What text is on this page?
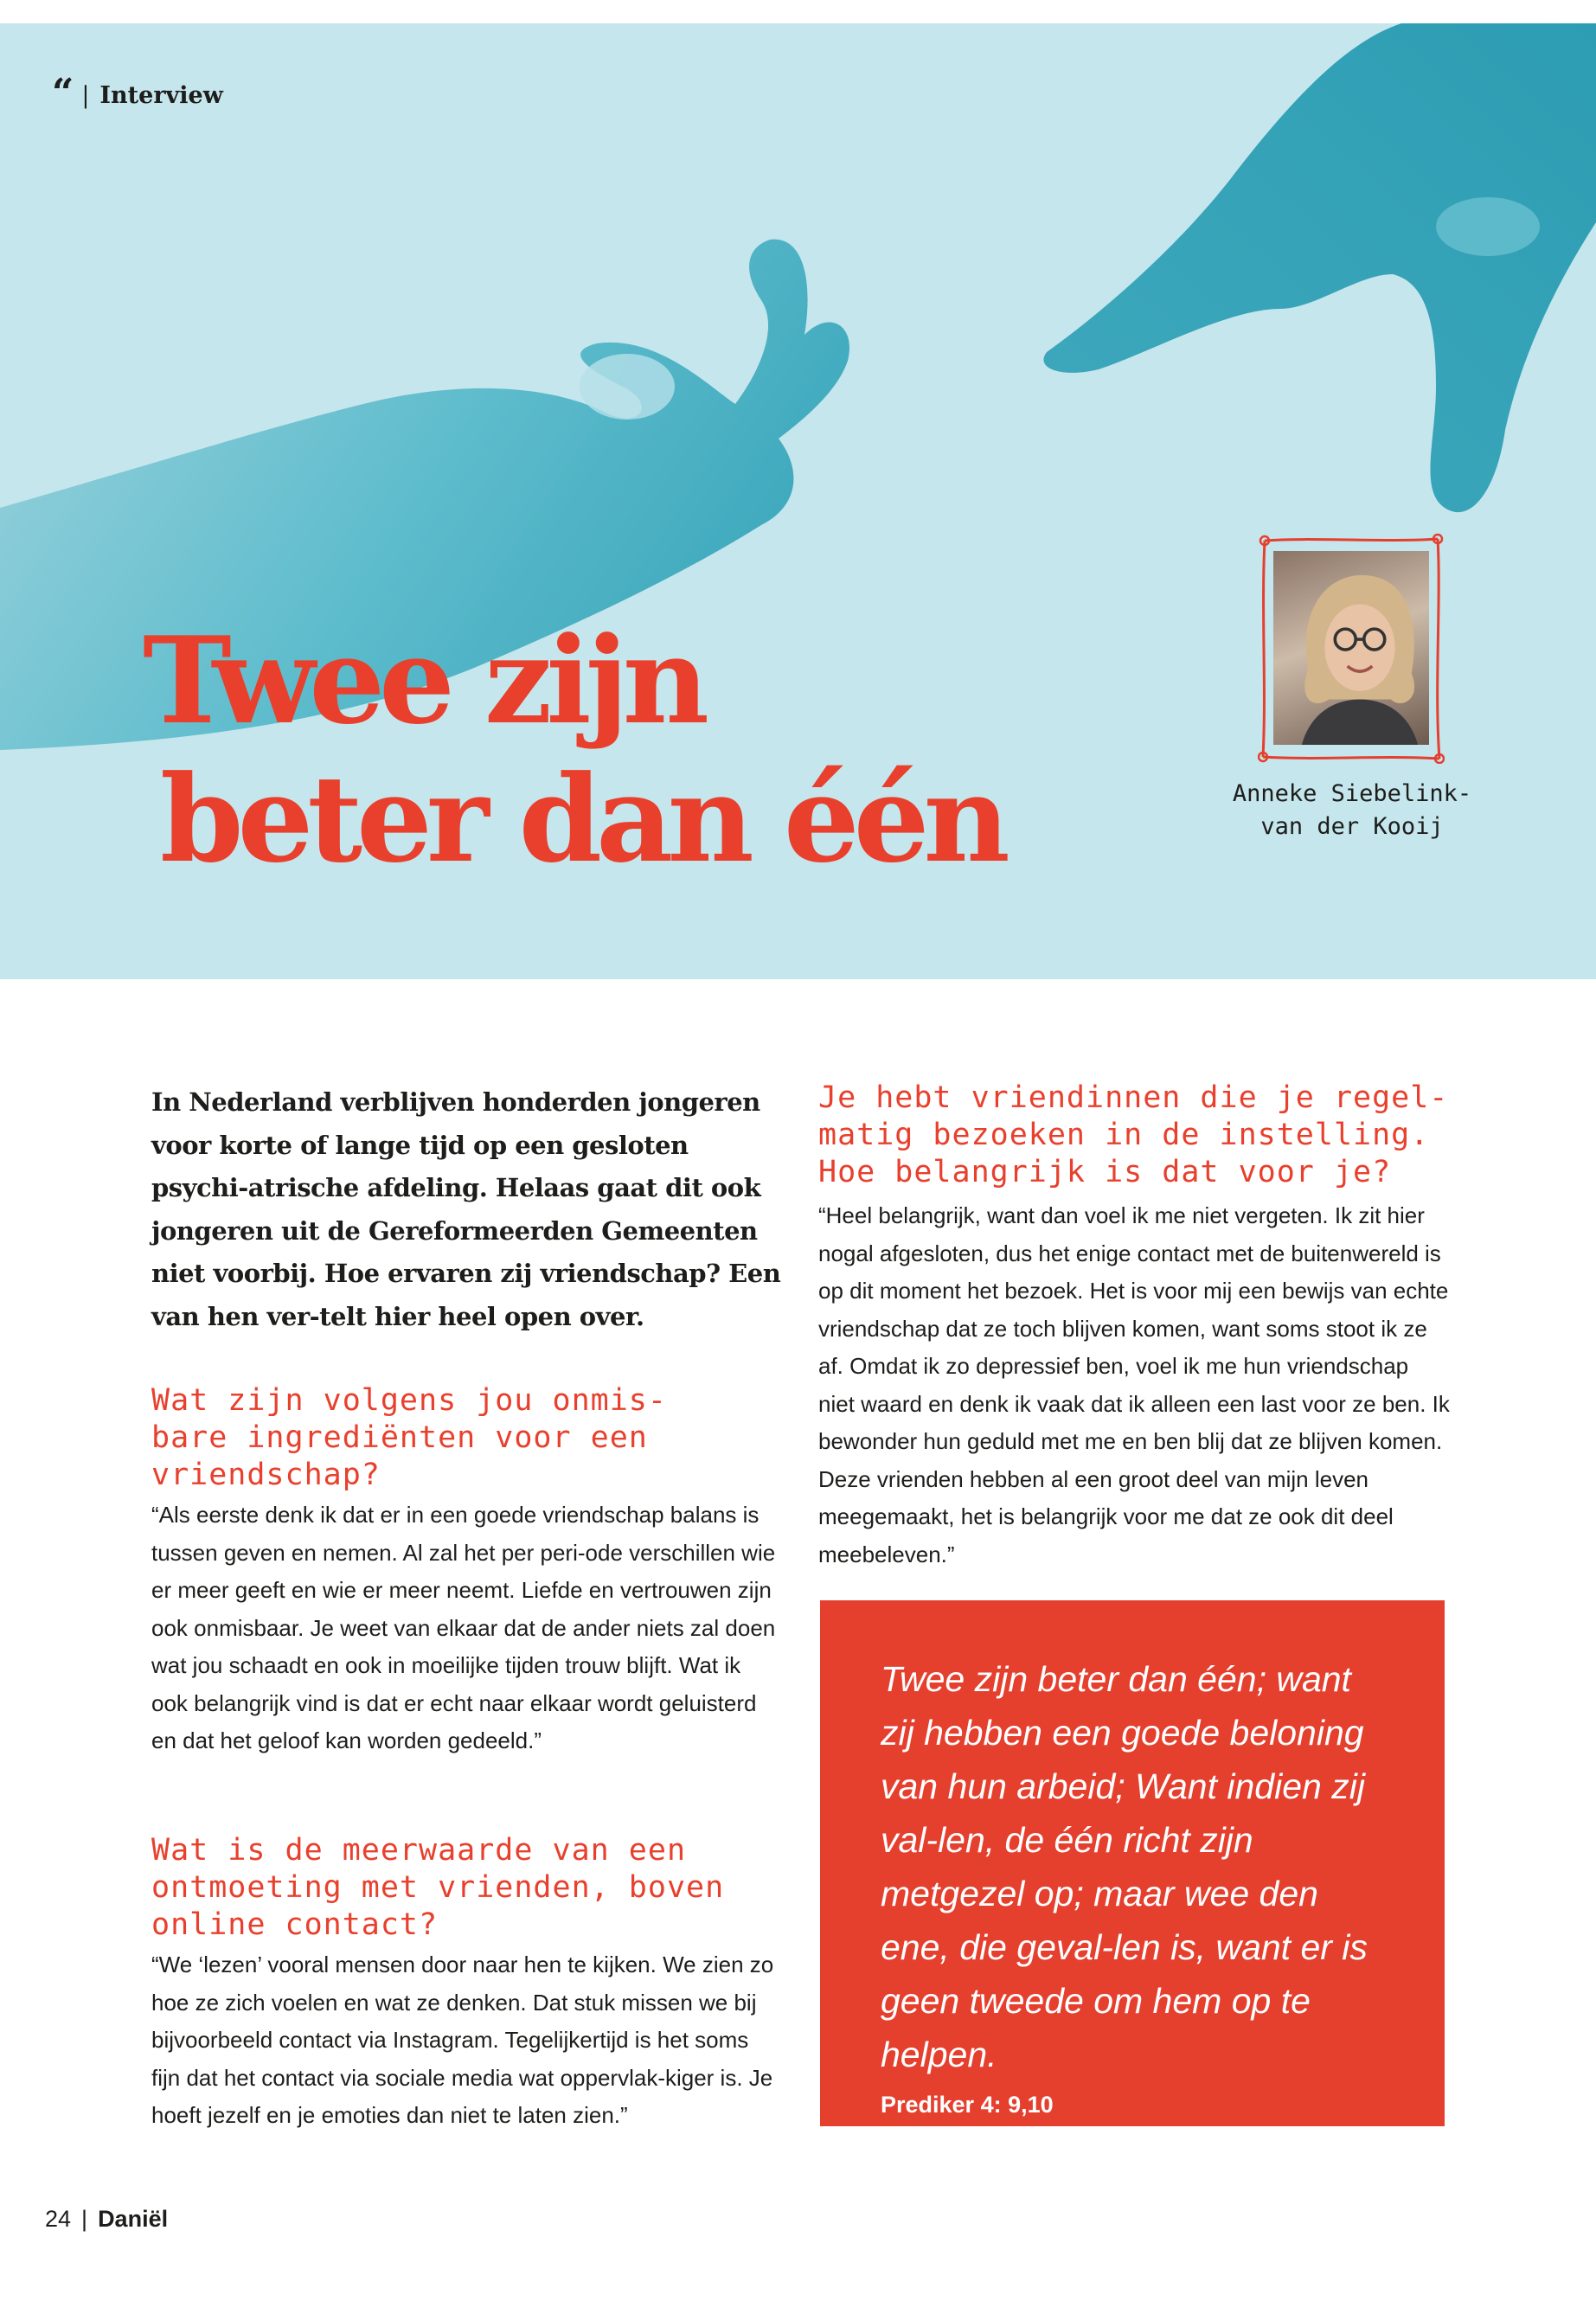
“ | Interview
Twee zijn
beter dan één	Anneke Siebelink-van der Kooij

In Nederland verblijven honderden jongeren voor korte of lange tijd op een gesloten psychi-atrische afdeling. Helaas gaat dit ook jongeren uit de Gereformeerden Gemeenten niet voorbij. Hoe ervaren zij vriendschap? Een van hen ver-telt hier heel open over.

Wat zijn volgens jou onmis-bare ingrediënten voor een vriendschap?

“Als eerste denk ik dat er in een goede vriendschap balans is tussen geven en nemen. Al zal het per peri-ode verschillen wie er meer geeft en wie er meer neemt. Liefde en vertrouwen zijn ook onmisbaar. Je weet van elkaar dat de ander niets zal doen wat jou schaadt en ook in moeilijke tijden trouw blijft. Wat ik ook belangrijk vind is dat er echt naar elkaar wordt geluisterd en dat het geloof kan worden gedeeld.”

Wat is de meerwaarde van een ontmoeting met vrienden, boven online contact?

“We ‘lezen’ vooral mensen door naar hen te kijken. We zien zo hoe ze zich voelen en wat ze denken. Dat stuk missen we bij bijvoorbeeld contact via Instagram. Tegelijkertijd is het soms fijn dat het contact via sociale media wat oppervlak-kiger is. Je hoeft jezelf en je emoties dan niet te laten zien.”

Je hebt vriendinnen die je regel-matig bezoeken in de instelling. Hoe belangrijk is dat voor je?

“Heel belangrijk, want dan voel ik me niet vergeten. Ik zit hier nogal afgesloten, dus het enige contact met de buitenwereld is op dit moment het bezoek. Het is voor mij een bewijs van echte vriendschap dat ze toch blijven komen, want soms stoot ik ze af. Omdat ik zo depressief ben, voel ik me hun vriendschap niet waard en denk ik vaak dat ik alleen een last voor ze ben. Ik bewonder hun geduld met me en ben blij dat ze blijven komen. Deze vrienden hebben al een groot deel van mijn leven meegemaakt, het is belangrijk voor me dat ze ook dit deel meebeleven.”

Twee zijn beter dan één; want zij hebben een goede beloning van hun arbeid; Want indien zij val-len, de één richt zijn metgezel op; maar wee den ene, die geval-len is, want er is geen tweede om hem op te helpen.

Prediker 4: 9,10
24 | Daniël
